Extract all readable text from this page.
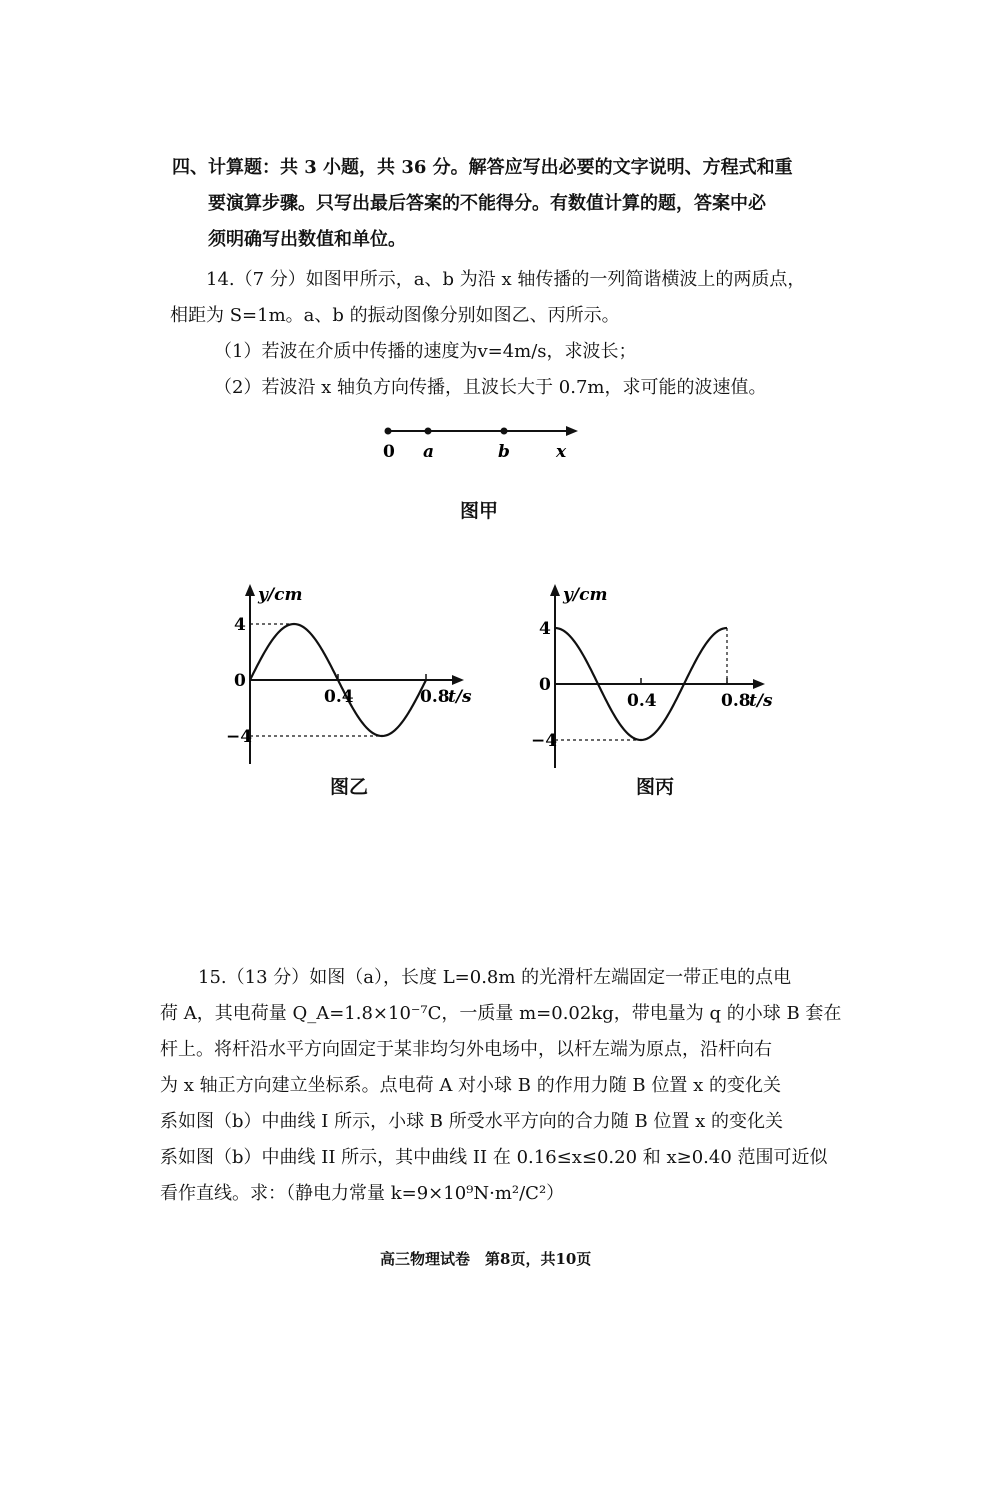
四、计算题：共 3 小题，共 36 分。解答应写出必要的文字说明、方程式和重
要演算步骤。只写出最后答案的不能得分。有数值计算的题，答案中必
须明确写出数值和单位。
14.（7 分）如图甲所示，a、b 为沿 x 轴传播的一列简谐横波上的两质点，
相距为 S=1m。a、b 的振动图像分别如图乙、丙所示。
（1）若波在介质中传播的速度为v=4m/s，求波长；
（2）若波沿 x 轴负方向传播，且波长大于 0.7m，求可能的波速值。
0 a	b	x
图甲
0.4	0.8
t/s
y/cm
4
0
−4
图乙
0.4	0.8
t/s
y/cm
4
0
−4
图丙
15.（13 分）如图（a），长度 L=0.8m 的光滑杆左端固定一带正电的点电
荷 A，其电荷量 Q_A=1.8×10⁻⁷C，一质量 m=0.02kg，带电量为 q 的小球 B 套在
杆上。将杆沿水平方向固定于某非均匀外电场中，以杆左端为原点，沿杆向右
为 x 轴正方向建立坐标系。点电荷 A 对小球 B 的作用力随 B 位置 x 的变化关
系如图（b）中曲线 I 所示，小球 B 所受水平方向的合力随 B 位置 x 的变化关
系如图（b）中曲线 II 所示，其中曲线 II 在 0.16≤x≤0.20 和 x≥0.40 范围可近似
看作直线。求：（静电力常量 k=9×10⁹N·m²/C²）
高三物理试卷　第8页，共10页
